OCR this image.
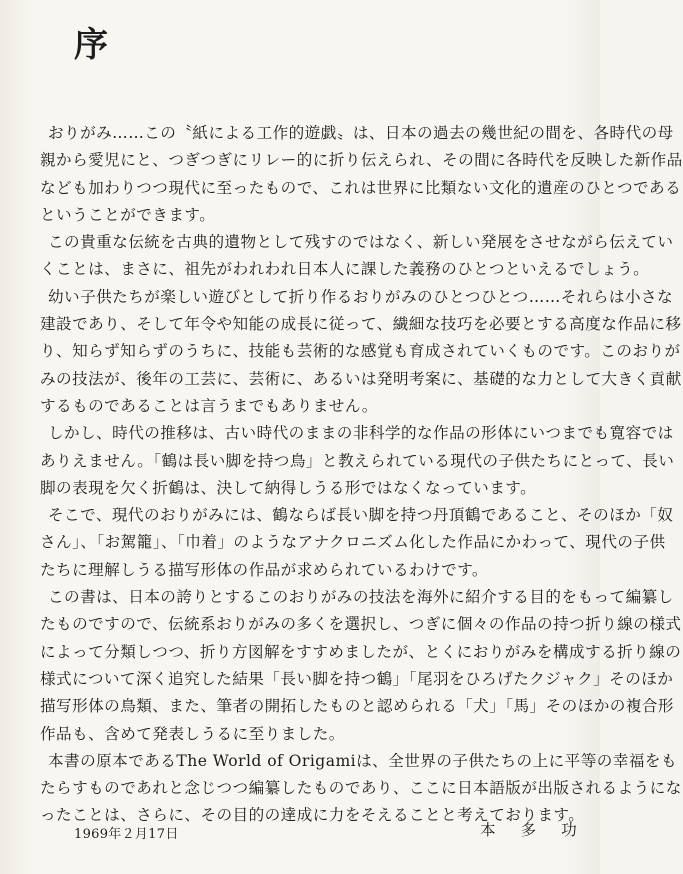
序
おりがみ……この〝紙による工作的遊戯〟は、日本の過去の幾世紀の間を、各時代の母
親から愛児にと、つぎつぎにリレー的に折り伝えられ、その間に各時代を反映した新作品
なども加わりつつ現代に至ったもので、これは世界に比類ない文化的遺産のひとつである
ということができます。
この貴重な伝統を古典的遺物として残すのではなく、新しい発展をさせながら伝えてい
くことは、まさに、祖先がわれわれ日本人に課した義務のひとつといえるでしょう。
幼い子供たちが楽しい遊びとして折り作るおりがみのひとつひとつ……それらは小さな
建設であり、そして年令や知能の成長に従って、繊細な技巧を必要とする高度な作品に移
り、知らず知らずのうちに、技能も芸術的な感覚も育成されていくものです。このおりが
みの技法が、後年の工芸に、芸術に、あるいは発明考案に、基礎的な力として大きく貢献
するものであることは言うまでもありません。
しかし、時代の推移は、古い時代のままの非科学的な作品の形体にいつまでも寛容では
ありえません。「鶴は長い脚を持つ鳥」と教えられている現代の子供たちにとって、長い
脚の表現を欠く折鶴は、決して納得しうる形ではなくなっています。
そこで、現代のおりがみには、鶴ならば長い脚を持つ丹頂鶴であること、そのほか「奴
さん」、「お駕籠」、「巾着」のようなアナクロニズム化した作品にかわって、現代の子供
たちに理解しうる描写形体の作品が求められているわけです。
この書は、日本の誇りとするこのおりがみの技法を海外に紹介する目的をもって編纂し
たものですので、伝統系おりがみの多くを選択し、つぎに個々の作品の持つ折り線の様式
によって分類しつつ、折り方図解をすすめましたが、とくにおりがみを構成する折り線の
様式について深く追究した結果「長い脚を持つ鶴」「尾羽をひろげたクジャク」そのほか
描写形体の鳥類、また、筆者の開拓したものと認められる「犬」「馬」そのほかの複合形
作品も、含めて発表しうるに至りました。
本書の原本であるThe World of Origamiは、全世界の子供たちの上に平等の幸福をも
たらすものであれと念じつつ編纂したものであり、ここに日本語版が出版されるようにな
ったことは、さらに、その目的の達成に力をそえることと考えております。
1969年２月17日	本 多 功
